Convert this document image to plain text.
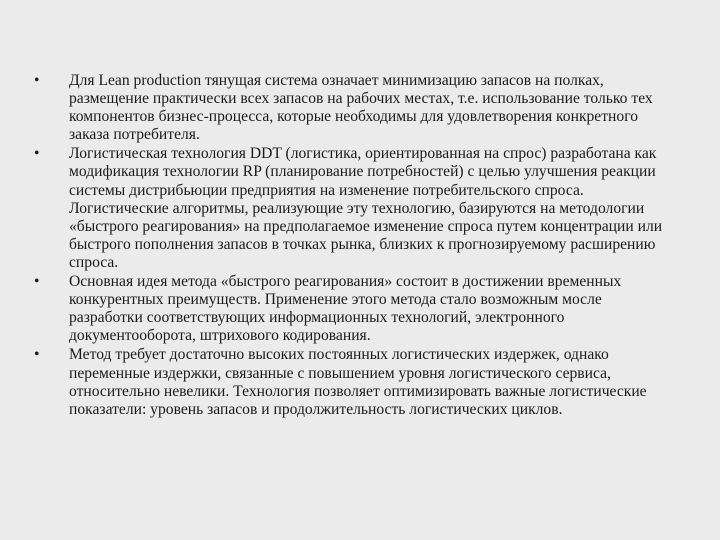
•	Для Lean production тянущая система означает минимизацию запасов на полках, размещение практически всех запасов на рабочих местах, т.е. использование только тех компонентов бизнес-процесса, которые необходимы для удовлетворения конкретного заказа потребителя.
•	Логистическая технология DDT (логистика, ориентированная на спрос) разработана как модификация технологии RP (планирование потребностей) с целью улучшения реакции системы дистрибьюции предприятия на изменение потребительского спроса. Логистические алгоритмы, реализующие эту технологию, базируются на методологии «быстрого реагирования» на предполагаемое изменение спроса путем концентрации или быстрого пополнения запасов в точках рынка, близких к прогнозируемому расширению спроса.
•	Основная идея метода «быстрого реагирования» состоит в достижении временных конкурентных преимуществ. Применение этого метода стало возможным мосле разработки соответствующих информационных технологий, электронного документооборота, штрихового кодирования.
•	Метод требует достаточно высоких постоянных логистических издержек, однако переменные издержки, связанные с повышением уровня логистического сервиса, относительно невелики. Технология позволяет оптимизировать важные логистические показатели: уровень запасов и продолжительность логистических циклов.
